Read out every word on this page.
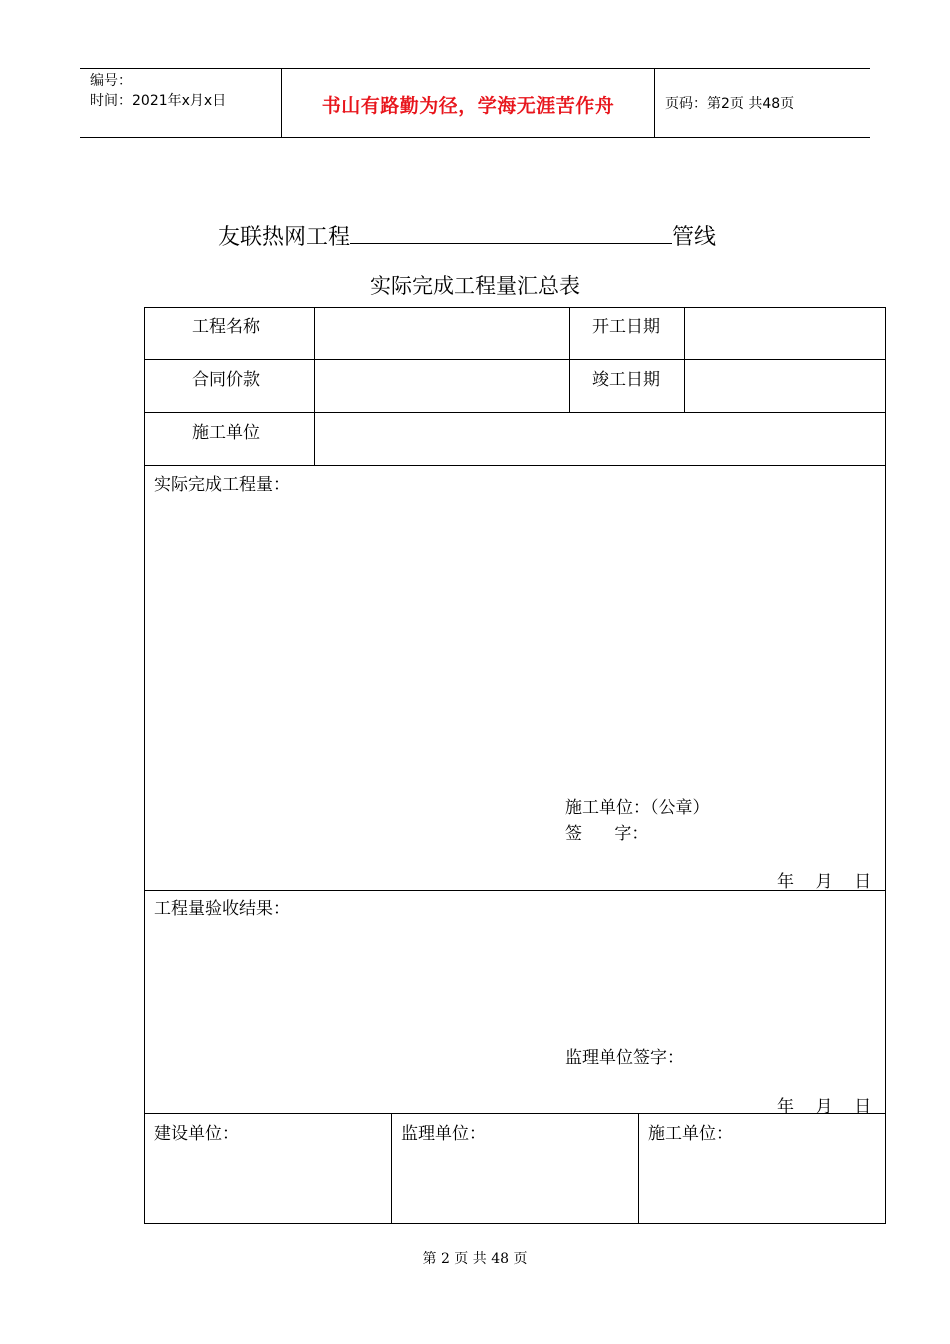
编号：
时间：2021年x月x日	书山有路勤为径，学海无涯苦作舟	页码：第2页 共48页
友联热网工程	管线
实际完成工程量汇总表
工程名称	开工日期
合同价款	竣工日期
施工单位
实际完成工程量：
施工单位：（公章）
签      字：
年    月    日
工程量验收结果：
监理单位签字：
年    月    日
建设单位：	监理单位：	施工单位：
第 2 页 共 48 页
